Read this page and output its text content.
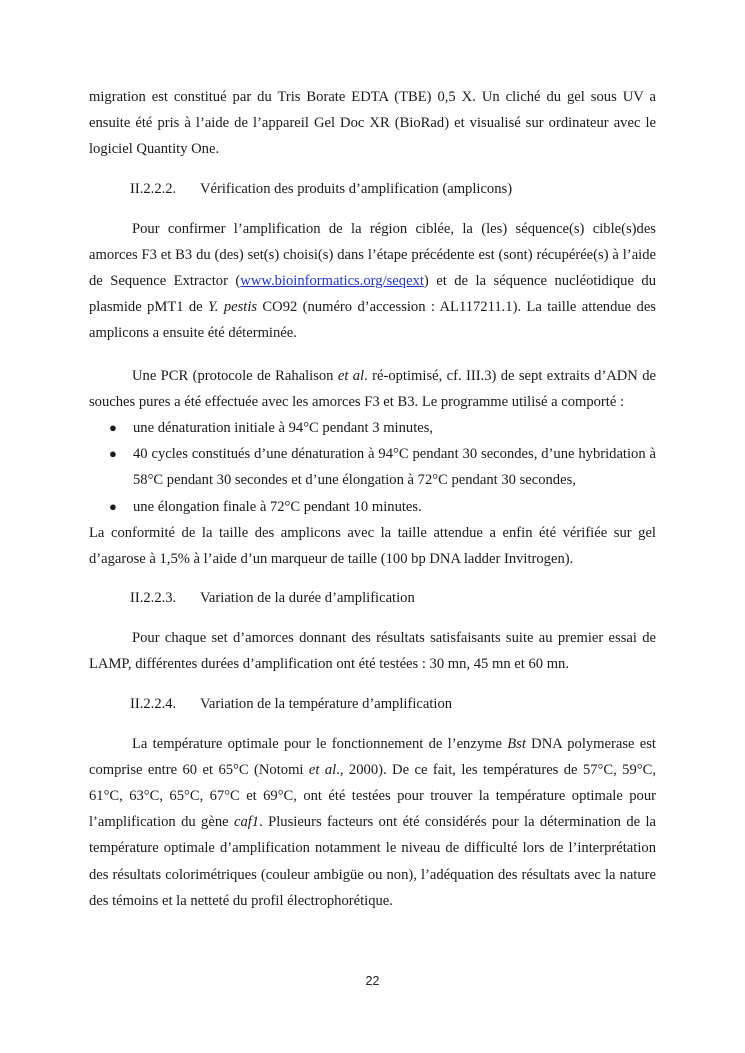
migration est constitué par du Tris Borate EDTA (TBE) 0,5 X. Un cliché du gel sous UV a ensuite été pris à l’aide de l’appareil Gel Doc XR (BioRad) et visualisé sur ordinateur avec le logiciel Quantity One.

II.2.2.2. Vérification des produits d’amplification (amplicons)

Pour confirmer l’amplification de la région ciblée, la (les) séquence(s) cible(s)des amorces F3 et B3 du (des) set(s) choisi(s) dans l’étape précédente est (sont) récupérée(s) à l’aide de Sequence Extractor (www.bioinformatics.org/seqext) et de la séquence nucléotidique du plasmide pMT1 de Y. pestis CO92 (numéro d’accession : AL117211.1). La taille attendue des amplicons a ensuite été déterminée.

Une PCR (protocole de Rahalison et al. ré-optimisé, cf. III.3) de sept extraits d’ADN de souches pures a été effectuée avec les amorces F3 et B3. Le programme utilisé a comporté :

● une dénaturation initiale à 94°C pendant 3 minutes,
● 40 cycles constitués d’une dénaturation à 94°C pendant 30 secondes, d’une hybridation à 58°C pendant 30 secondes et d’une élongation à 72°C pendant 30 secondes,
● une élongation finale à 72°C pendant 10 minutes.

La conformité de la taille des amplicons avec la taille attendue a enfin été vérifiée sur gel d’agarose à 1,5% à l’aide d’un marqueur de taille (100 bp DNA ladder Invitrogen).

II.2.2.3. Variation de la durée d’amplification

Pour chaque set d’amorces donnant des résultats satisfaisants suite au premier essai de LAMP, différentes durées d’amplification ont été testées : 30 mn, 45 mn et 60 mn.

II.2.2.4. Variation de la température d’amplification

La température optimale pour le fonctionnement de l’enzyme Bst DNA polymerase est comprise entre 60 et 65°C (Notomi et al., 2000). De ce fait, les températures de 57°C, 59°C, 61°C, 63°C, 65°C, 67°C et 69°C, ont été testées pour trouver la température optimale pour l’amplification du gène caf1. Plusieurs facteurs ont été considérés pour la détermination de la température optimale d’amplification notamment le niveau de difficulté lors de l’interprétation des résultats colorimétriques (couleur ambigüe ou non), l’adéquation des résultats avec la nature des témoins et la netteté du profil électrophorétique.

22
